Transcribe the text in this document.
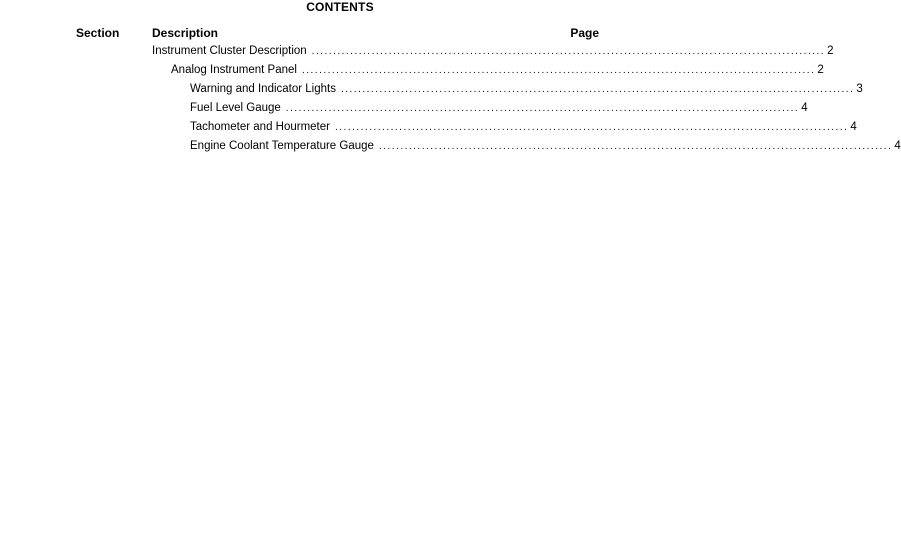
CONTENTS
Section	Description	Page
Instrument Cluster Description ........................................................................................................................ 2
Analog Instrument Panel ........................................................................................................................ 2
Warning and Indicator Lights ........................................................................................................................ 3
Fuel Level Gauge ........................................................................................................................ 4
Tachometer and Hourmeter ........................................................................................................................ 4
Engine Coolant Temperature Gauge ........................................................................................................................ 4
